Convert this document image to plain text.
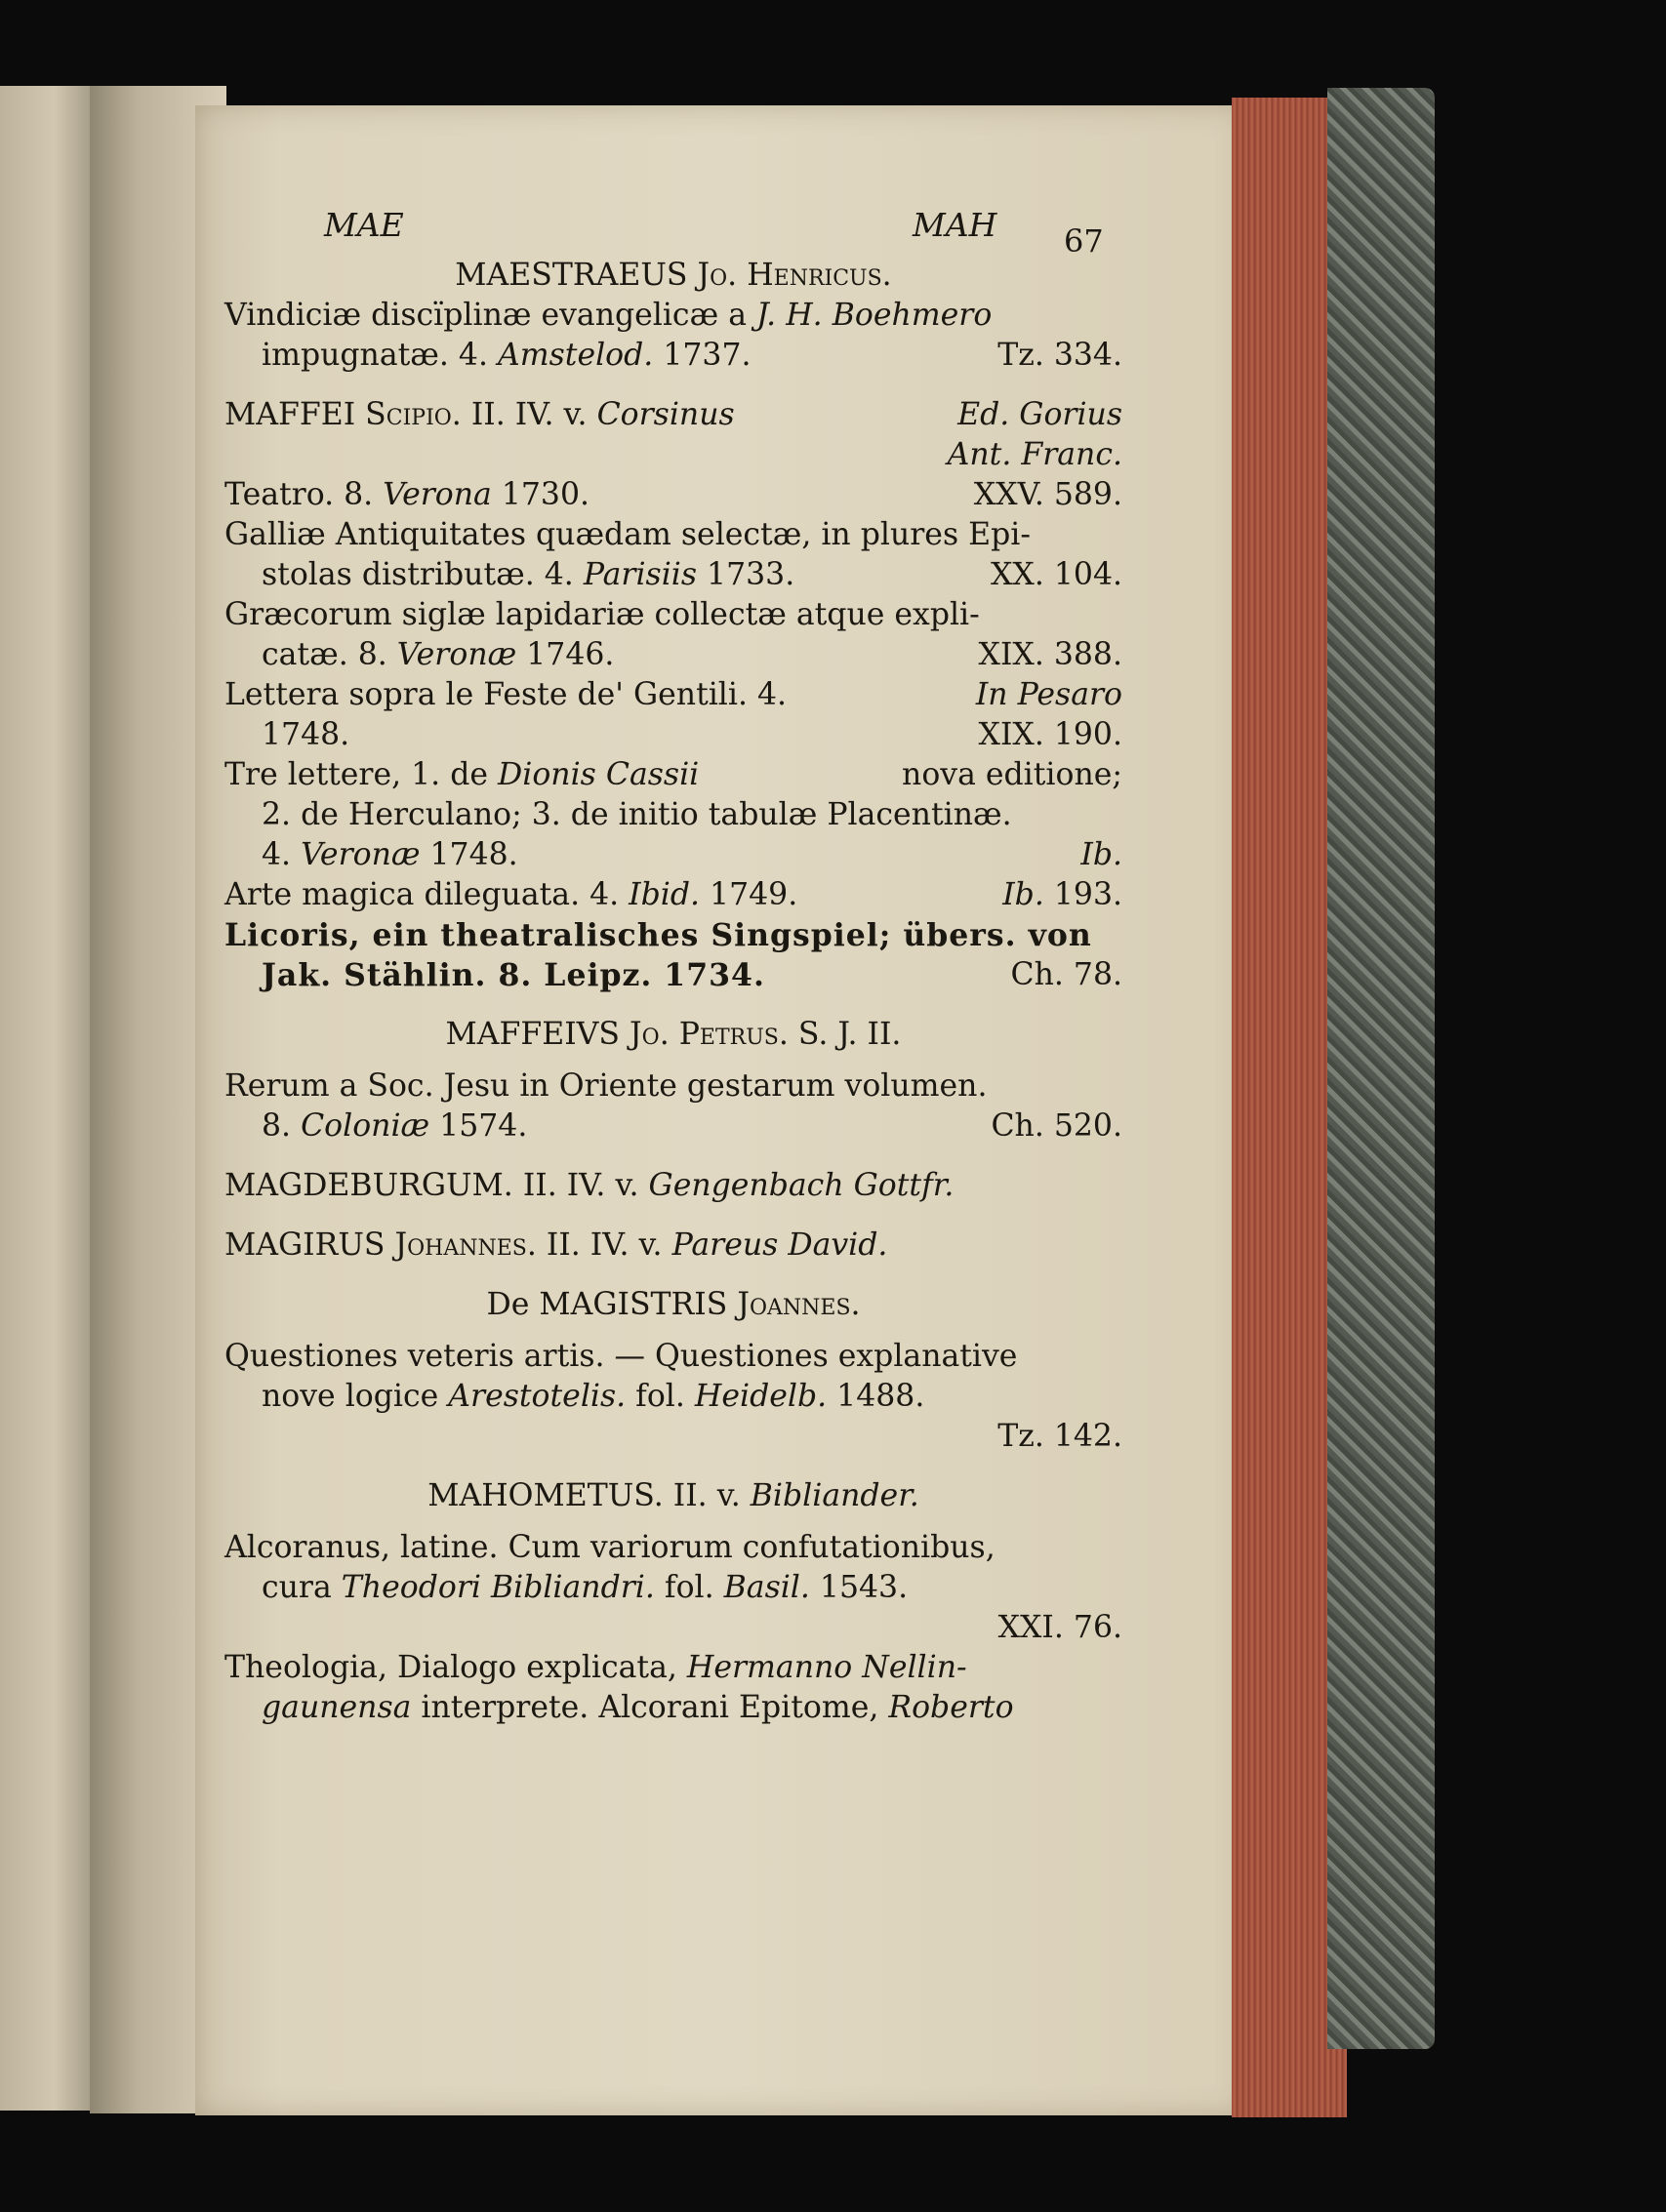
67
MAE	MAH
MAESTRAEUS Jo. Henricus.
Vindiciæ discïplinæ evangelicæ a J. H. Boehmero
impugnatæ. 4. Amstelod. 1737.	Tz. 334.
MAFFEI Scipio. II. IV. v. Corsinus	Ed. Gorius
Ant. Franc.
Teatro. 8. Verona 1730.	XXV. 589.
Galliæ Antiquitates quædam selectæ, in plures Epi-
stolas distributæ. 4. Parisiis 1733.	XX. 104.
Græcorum siglæ lapidariæ collectæ atque expli-
catæ. 8. Veronæ 1746.	XIX. 388.
Lettera sopra le Feste de' Gentili. 4.	In Pesaro
1748.	XIX. 190.
Tre lettere, 1. de Dionis Cassii	nova editione;
2. de Herculano; 3. de initio tabulæ Placentinæ.
4. Veronæ 1748.	Ib.
Arte magica dileguata. 4. Ibid. 1749.	Ib. 193.
Licoris, ein theatralisches Singspiel; übers. von
Jak. Stählin. 8. Leipz. 1734.	Ch. 78.
MAFFEIVS Jo. Petrus. S. J. II.
Rerum a Soc. Jesu in Oriente gestarum volumen.
8. Coloniæ 1574.	Ch. 520.
MAGDEBURGUM. II. IV. v. Gengenbach Gottfr.
MAGIRUS Johannes. II. IV. v. Pareus David.
De MAGISTRIS Joannes.
Questiones veteris artis. — Questiones explanative
nove logice Arestotelis. fol. Heidelb. 1488.
Tz. 142.
MAHOMETUS. II. v. Bibliander.
Alcoranus, latine. Cum variorum confutationibus,
cura Theodori Bibliandri. fol. Basil. 1543.
XXI. 76.
Theologia, Dialogo explicata, Hermanno Nellin-
gaunensa interprete. Alcorani Epitome, Roberto
